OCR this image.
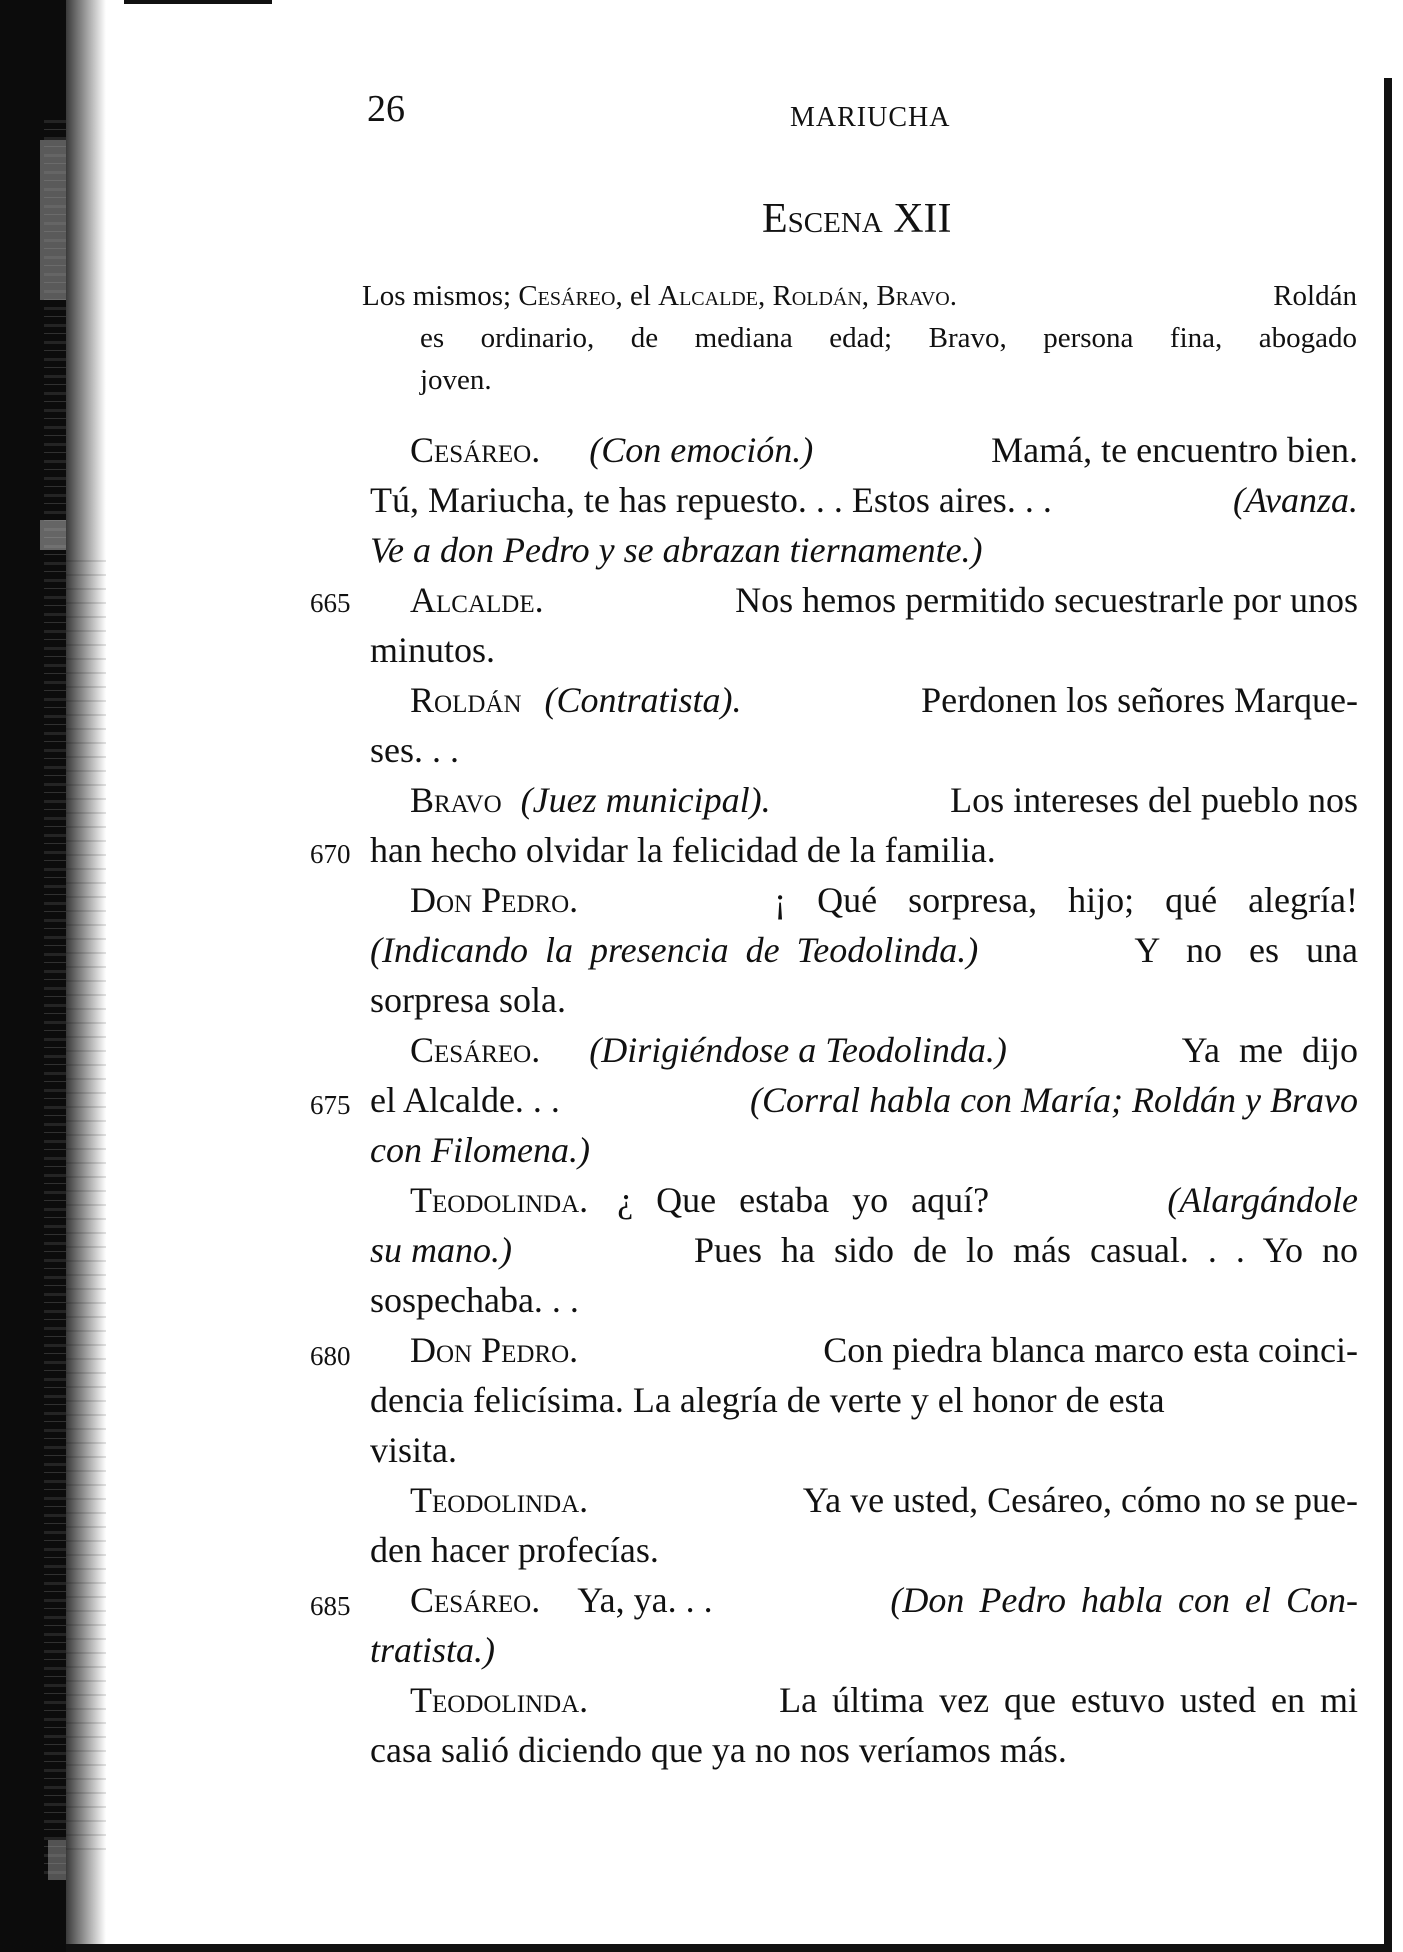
26	MARIUCHA
Escena XII
Los mismos; Cesáreo, el Alcalde, Roldán, Bravo.	Roldán
es ordinario, de mediana edad; Bravo, persona fina, abogado
joven.
665
670
675
680
685
Cesáreo. (Con emoción.)	Mamá, te encuentro bien.
Tú, Mariucha, te has repuesto. . . Estos aires. . .	(Avanza.
Ve a don Pedro y se abrazan tiernamente.)
Alcalde.	Nos hemos permitido secuestrarle por unos
minutos.
Roldán (Contratista).	Perdonen los señores Marque-
ses. . .
Bravo (Juez municipal).	Los intereses del pueblo nos
han hecho olvidar la felicidad de la familia.
Don Pedro.	¡ Qué sorpresa, hijo; qué alegría!
(Indicando la presencia de Teodolinda.)	Y no es una
sorpresa sola.
Cesáreo. (Dirigiéndose a Teodolinda.)	Ya me dijo
el Alcalde. . .	(Corral habla con María; Roldán y Bravo
con Filomena.)
Teodolinda. ¿ Que estaba yo aquí?	(Alargándole
su mano.)	Pues ha sido de lo más casual. . . Yo no
sospechaba. . .
Don Pedro.	Con piedra blanca marco esta coinci-
dencia felicísima. La alegría de verte y el honor de esta
visita.
Teodolinda.	Ya ve usted, Cesáreo, cómo no se pue-
den hacer profecías.
Cesáreo. Ya, ya. . .	(Don Pedro habla con el Con-
tratista.)
Teodolinda.	La última vez que estuvo usted en mi
casa salió diciendo que ya no nos veríamos más.
